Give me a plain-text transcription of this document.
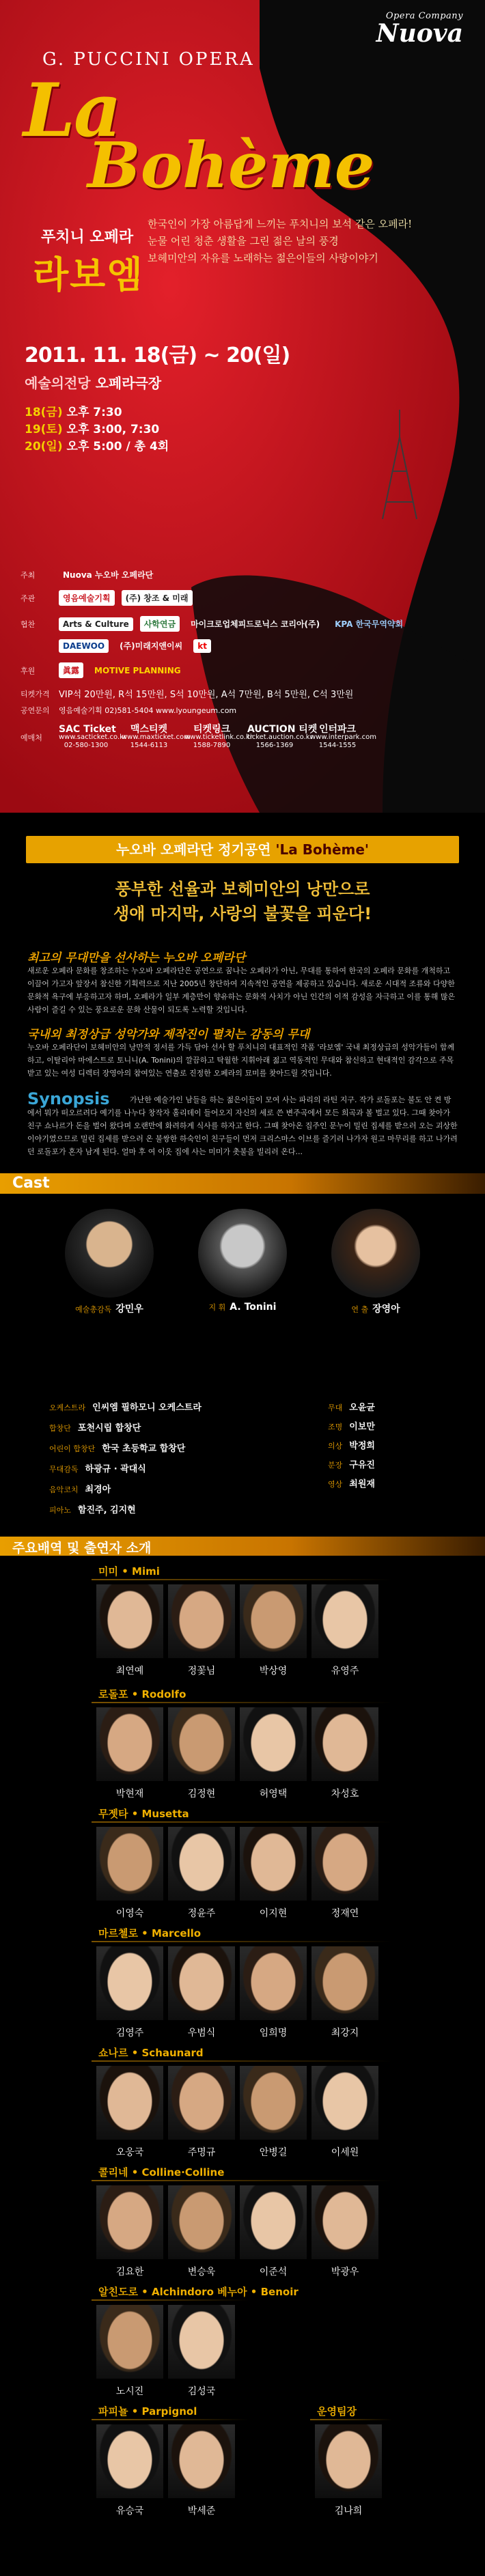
Opera Company
Nuova
G. PUCCINI OPERA
La
Bohème
푸치니 오페라
라보엠
한국인이 가장 아름답게 느끼는 푸치니의 보석 같은 오페라!
눈물 어린 청춘 생활을 그린 젊은 날의 풍경
보헤미안의 자유를 노래하는 젊은이들의 사랑이야기
2011. 11. 18(금) ~ 20(일)
예술의전당 오페라극장
18(금) 오후 7:30
19(토) 오후 3:00, 7:30
20(일) 오후 5:00 / 총 4회
주최	Nuova 누오바 오페라단
주관	영음예술기획	(주) 창조 & 미래
협찬	Arts & Culture	사학연금	마이크로업체피드로닉스 코리아(주)	KPA 한국무역약회
DAEWOO	(주)미래지앤이씨	kt
후원	眞露	MOTIVE PLANNING
티켓가격 VIP석 20만원, R석 15만원, S석 10만원, A석 7만원, B석 5만원, C석 3만원
공연문의	영음예술기획 02)581-5404 www.lyoungeum.com
예매처
SAC Ticket
www.sacticket.co.kr
02-580-1300
맥스티켓
www.maxticket.com
1544-6113
티켓링크
www.ticketlink.co.kr
1588-7890
AUCTION 티켓
ticket.auction.co.kr
1566-1369
인터파크
www.interpark.com
1544-1555
누오바 오페라단 정기공연 'La Bohème'
풍부한 선율과 보헤미안의 낭만으로
생애 마지막, 사랑의 불꽃을 피운다!
최고의 무대만을 선사하는 누오바 오페라단
새로운 오페라 문화를 창조하는 누오바 오페라단은 공연으로 꿈나는 오페라가 아닌, 무대를 통하여 한국의 오페라 문화를 개척하고 이끌어 가고자 앞장서 참신한 기획력으로 지난 2005년 창단하여 지속적인 공연을 제공하고 있습니다. 새로운 시대적 조류와 다양한 문화적 욕구에 부응하고자 하며, 오페라가 일부 계층만이 향유하는 문화적 사치가 아닌 인간의 이적 감성을 자극하고 이를 통해 많은 사람이 즐길 수 있는 풍요로운 문화 산물이 되도록 노력할 것입니다.
국내외 최정상급 성악가와 제작진이 펼치는 감동의 무대
누오바 오페라단이 보헤미안의 낭만적 정서를 가득 담아 선사 할 푸치니의 대표적인 작품 '라보엠' 국내 최정상급의 성악가들이 함께하고, 이탈리아 마에스트로 토니니(A. Tonini)의 깔끔하고 탁월한 지휘아래 젊고 역동적인 무대와 참신하고 현대적인 감각으로 주목받고 있는 여성 디렉터 장영아의 참여있는 연출로 진정한 오페라의 묘미를 찾아드릴 것입니다.
Synopsis	가난한 예술가인 남들을 하는 젊은이들이 모여 사는 파리의 라틴 지구. 작가 로돌포는 불도 안 켠 방에서 뭐가 떠오르려다 예기를 나누다 창작자 홀리데이 들어오지 자신의 세로 쓴 변주곡에서 모든 희곡과 볼 벌고 있다. 그때 찾아가 친구 쇼나르가 돈을 벌어 왔다며 오랜만에 화려하게 식사를 하자고 한다. 그때 찾아온 집주인 문누이 밀린 집세를 받으러 오는 괴상한 이야기였으므로 밀린 집세를 받으러 온 불쌍한 하숙인이 친구들이 먼저 크리스마스 이브를 즐기러 나가자 원고 마무리를 하고 나가려던 로돌포가 혼자 남게 된다. 얼마 후 여 이웃 집에 사는 미미가 촛불을 빌리러 온다...
Cast
예술총감독 강민우	지 휘 A. Tonini	연 출 장영아
오케스트라 인씨엠 필하모니 오케스트라
합창단 포천시립 합창단
어린이 합창단 한국 초등학교 합창단
무대감독 하광규 · 곽대식
음악코치 최경아
피아노 함진주, 김지현
무대 오윤균
조명 이보만
의상 박정희
분장 구유진
영상 최원재
주요배역 및 출연자 소개
미미 • Mimi
최연예	정꽃님	박상영	유영주
로돌포 • Rodolfo
박현재	김정현	허영택	차성호
무젯타 • Musetta
이영숙	정윤주	이지현	정재연
마르첼로 • Marcello
김영주	우범식	임희명	최강지
쇼나르 • Schaunard
오웅국	주명규	안병길	이세원
콜리네 • Colline·Colline
김요한	변승욱	이준석	박광우
알친도로 • Alchindoro 베누아 • Benoir
노시진	김성국
파피뇰 • Parpignol
유승국	박세준
운영팀장
김나희
